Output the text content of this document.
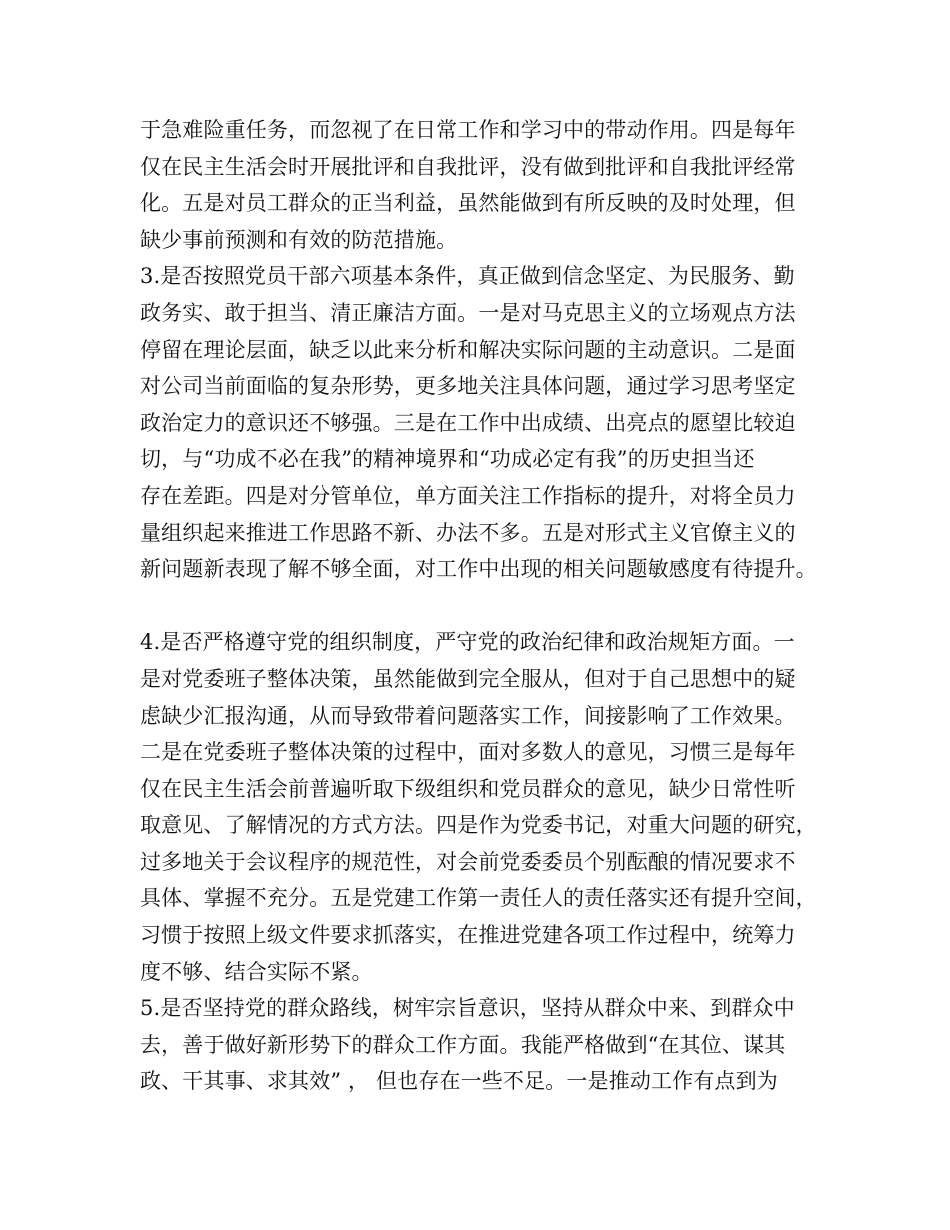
于急难险重任务，而忽视了在日常工作和学习中的带动作用。四是每年
仅在民主生活会时开展批评和自我批评，没有做到批评和自我批评经常
化。五是对员工群众的正当利益，虽然能做到有所反映的及时处理，但
缺少事前预测和有效的防范措施。
3.是否按照党员干部六项基本条件，真正做到信念坚定、为民服务、勤
政务实、敢于担当、清正廉洁方面。一是对马克思主义的立场观点方法
停留在理论层面，缺乏以此来分析和解决实际问题的主动意识。二是面
对公司当前面临的复杂形势，更多地关注具体问题，通过学习思考坚定
政治定力的意识还不够强。三是在工作中出成绩、出亮点的愿望比较迫
切，与“功成不必在我”的精神境界和“功成必定有我”的历史担当还
存在差距。四是对分管单位，单方面关注工作指标的提升，对将全员力
量组织起来推进工作思路不新、办法不多。五是对形式主义官僚主义的
新问题新表现了解不够全面，对工作中出现的相关问题敏感度有待提升。
4.是否严格遵守党的组织制度，严守党的政治纪律和政治规矩方面。一
是对党委班子整体决策，虽然能做到完全服从，但对于自己思想中的疑
虑缺少汇报沟通，从而导致带着问题落实工作，间接影响了工作效果。
二是在党委班子整体决策的过程中，面对多数人的意见，习惯三是每年
仅在民主生活会前普遍听取下级组织和党员群众的意见，缺少日常性听
取意见、了解情况的方式方法。四是作为党委书记，对重大问题的研究，
过多地关于会议程序的规范性，对会前党委委员个别酝酿的情况要求不
具体、掌握不充分。五是党建工作第一责任人的责任落实还有提升空间，
习惯于按照上级文件要求抓落实，在推进党建各项工作过程中，统筹力
度不够、结合实际不紧。
5.是否坚持党的群众路线，树牢宗旨意识，坚持从群众中来、到群众中
去，善于做好新形势下的群众工作方面。我能严格做到“在其位、谋其
政、干其事、求其效” ， 但也存在一些不足。一是推动工作有点到为
